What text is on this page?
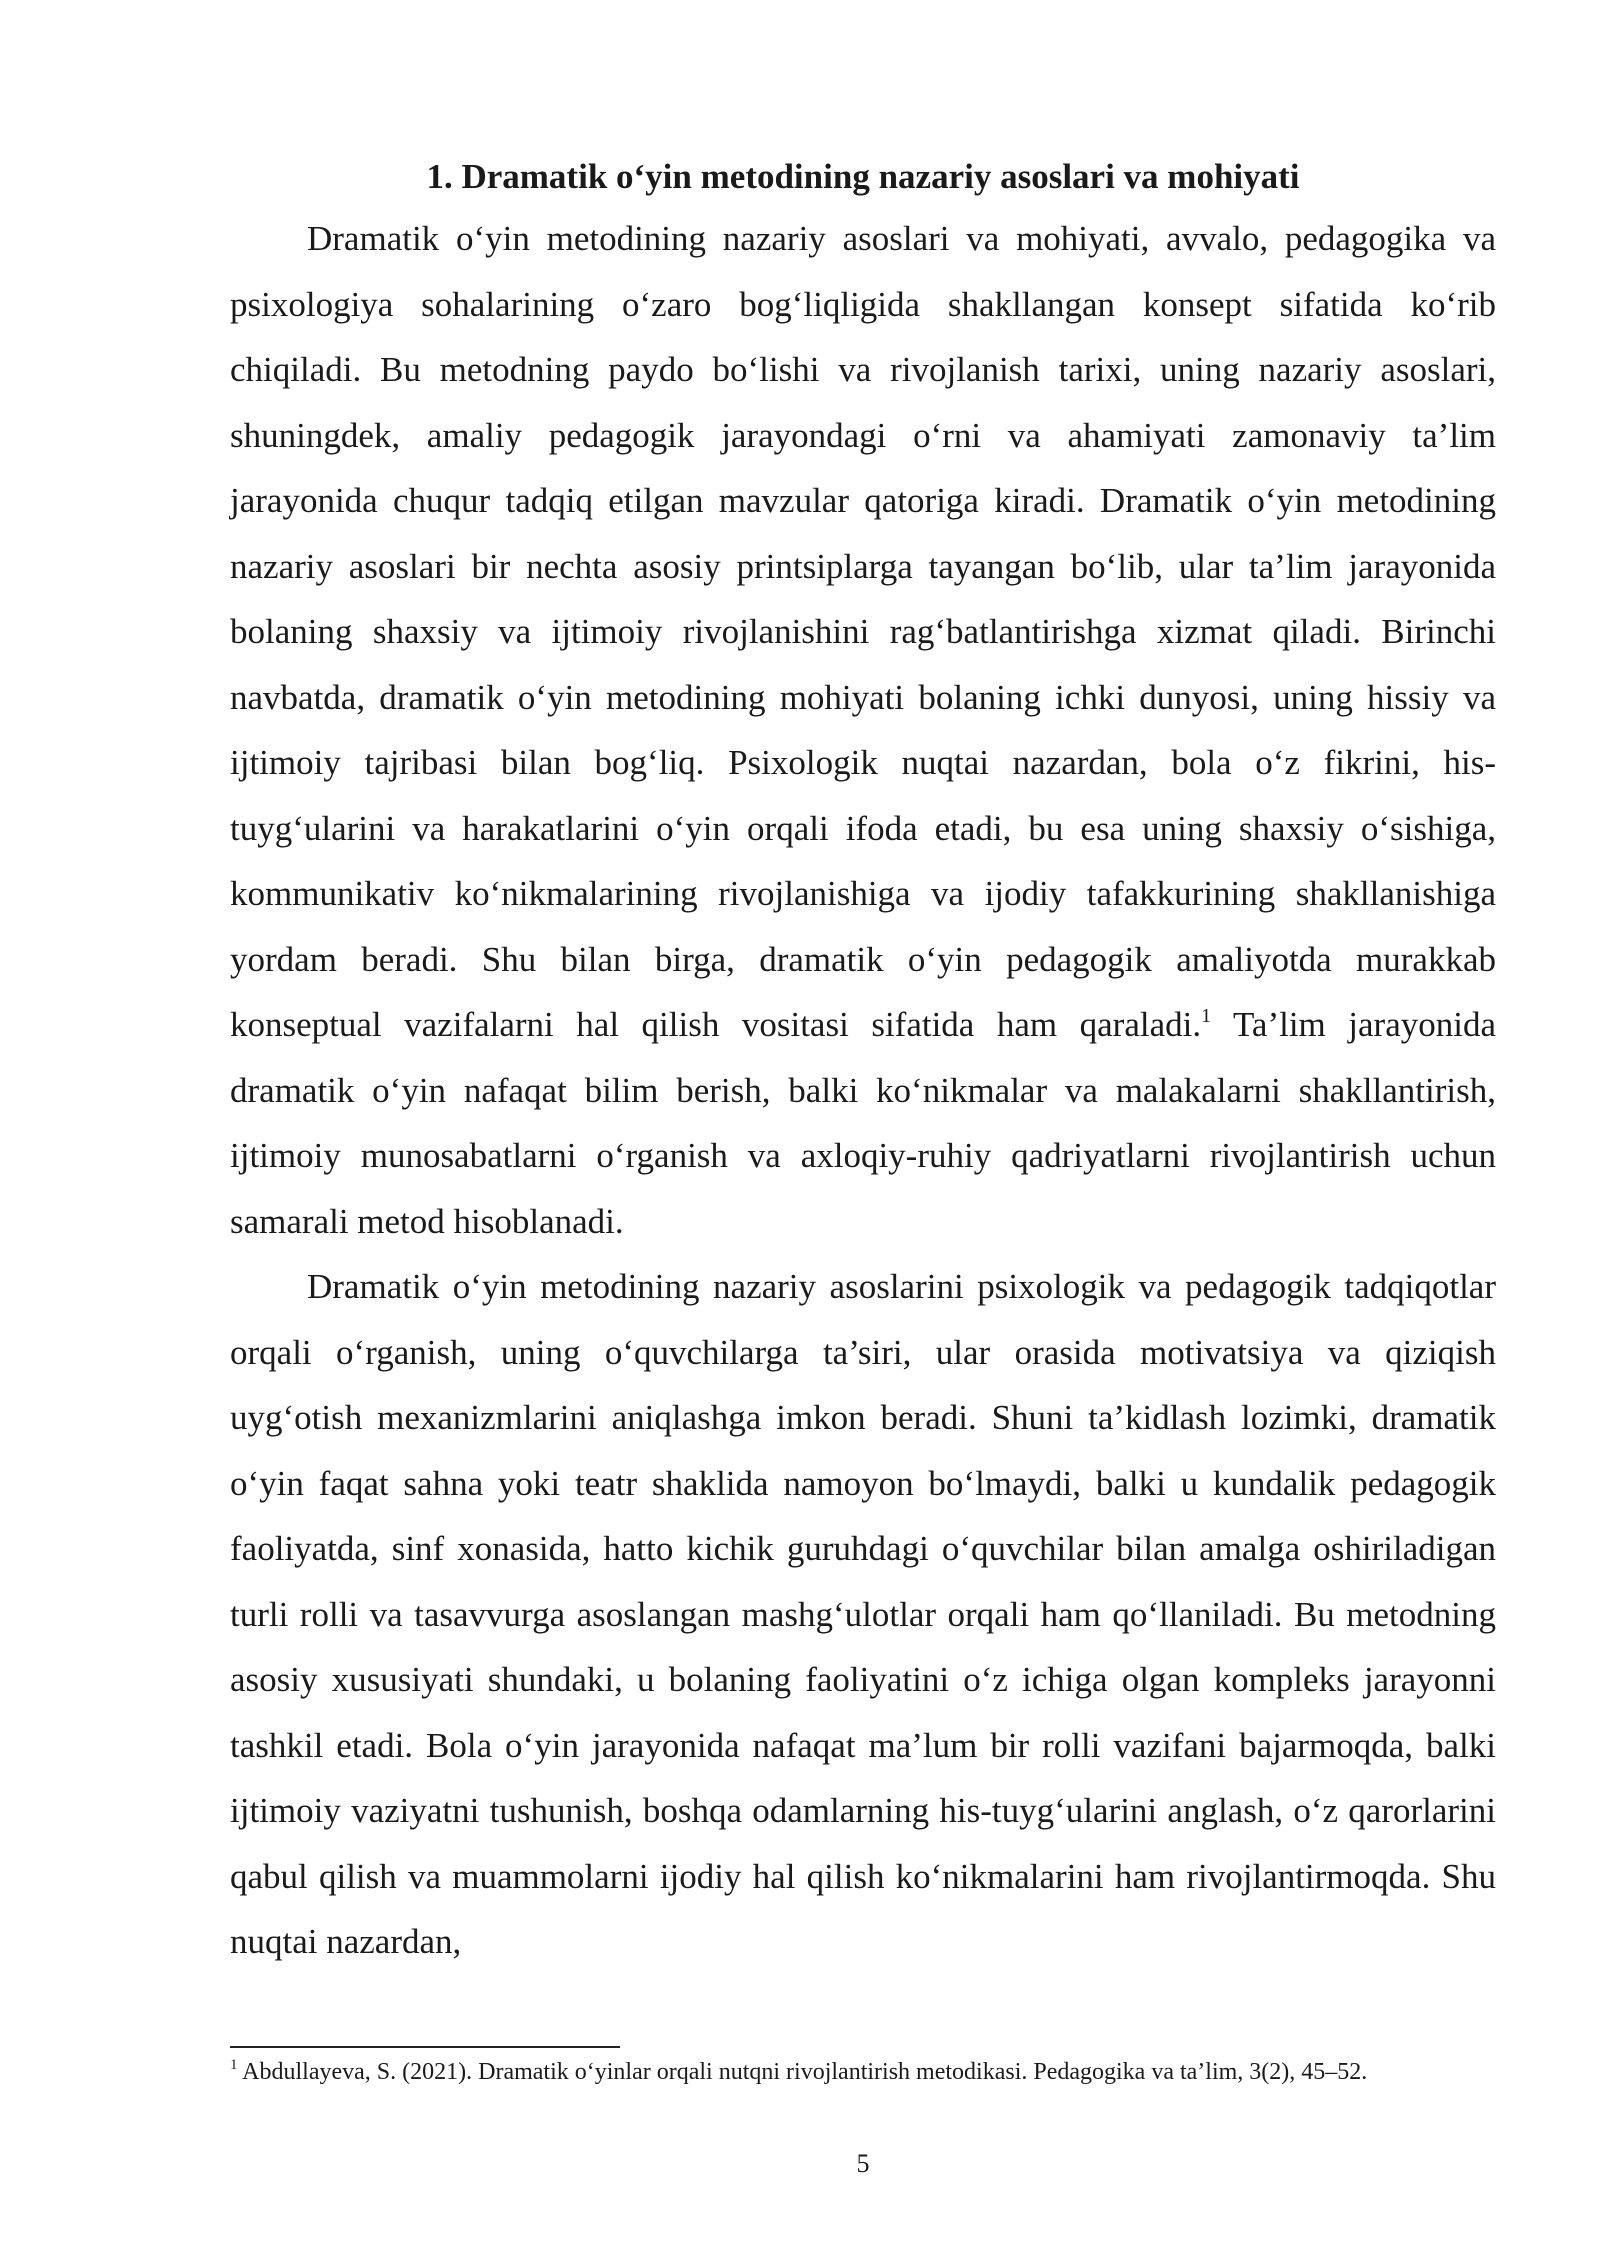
1. Dramatik o‘yin metodining nazariy asoslari va mohiyati

Dramatik o‘yin metodining nazariy asoslari va mohiyati, avvalo, pedagogika va psixologiya sohalarining o‘zaro bog‘liqligida shakllangan konsept sifatida ko‘rib chiqiladi. Bu metodning paydo bo‘lishi va rivojlanish tarixi, uning nazariy asoslari, shuningdek, amaliy pedagogik jarayondagi o‘rni va ahamiyati zamonaviy ta’lim jarayonida chuqur tadqiq etilgan mavzular qatoriga kiradi. Dramatik o‘yin metodining nazariy asoslari bir nechta asosiy printsiplarga tayangan bo‘lib, ular ta’lim jarayonida bolaning shaxsiy va ijtimoiy rivojlanishini rag‘batlantirishga xizmat qiladi. Birinchi navbatda, dramatik o‘yin metodining mohiyati bolaning ichki dunyosi, uning hissiy va ijtimoiy tajribasi bilan bog‘liq. Psixologik nuqtai nazardan, bola o‘z fikrini, his-tuyg‘ularini va harakatlarini o‘yin orqali ifoda etadi, bu esa uning shaxsiy o‘sishiga, kommunikativ ko‘nikmalarining rivojlanishiga va ijodiy tafakkurining shakllanishiga yordam beradi. Shu bilan birga, dramatik o‘yin pedagogik amaliyotda murakkab konseptual vazifalarni hal qilish vositasi sifatida ham qaraladi.$^1$ Ta’lim jarayonida dramatik o‘yin nafaqat bilim berish, balki ko‘nikmalar va malakalarni shakllantirish, ijtimoiy munosabatlarni o‘rganish va axloqiy-ruhiy qadriyatlarni rivojlantirish uchun samarali metod hisoblanadi.

Dramatik o‘yin metodining nazariy asoslarini psixologik va pedagogik tadqiqotlar orqali o‘rganish, uning o‘quvchilarga ta’siri, ular orasida motivatsiya va qiziqish uyg‘otish mexanizmlarini aniqlashga imkon beradi. Shuni ta’kidlash lozimki, dramatik o‘yin faqat sahna yoki teatr shaklida namoyon bo‘lmaydi, balki u kundalik pedagogik faoliyatda, sinf xonasida, hatto kichik guruhdagi o‘quvchilar bilan amalga oshiriladigan turli rolli va tasavvurga asoslangan mashg‘ulotlar orqali ham qo‘llaniladi. Bu metodning asosiy xususiyati shundaki, u bolaning faoliyatini o‘z ichiga olgan kompleks jarayonni tashkil etadi. Bola o‘yin jarayonida nafaqat ma’lum bir rolli vazifani bajarmoqda, balki ijtimoiy vaziyatni tushunish, boshqa odamlarning his-tuyg‘ularini anglash, o‘z qarorlarini qabul qilish va muammolarni ijodiy hal qilish ko‘nikmalarini ham rivojlantirmoqda. Shu nuqtai nazardan,

$^1$ Abdullayeva, S. (2021). Dramatik o‘yinlar orqali nutqni rivojlantirish metodikasi. Pedagogika va ta’lim, 3(2), 45–52.

5
